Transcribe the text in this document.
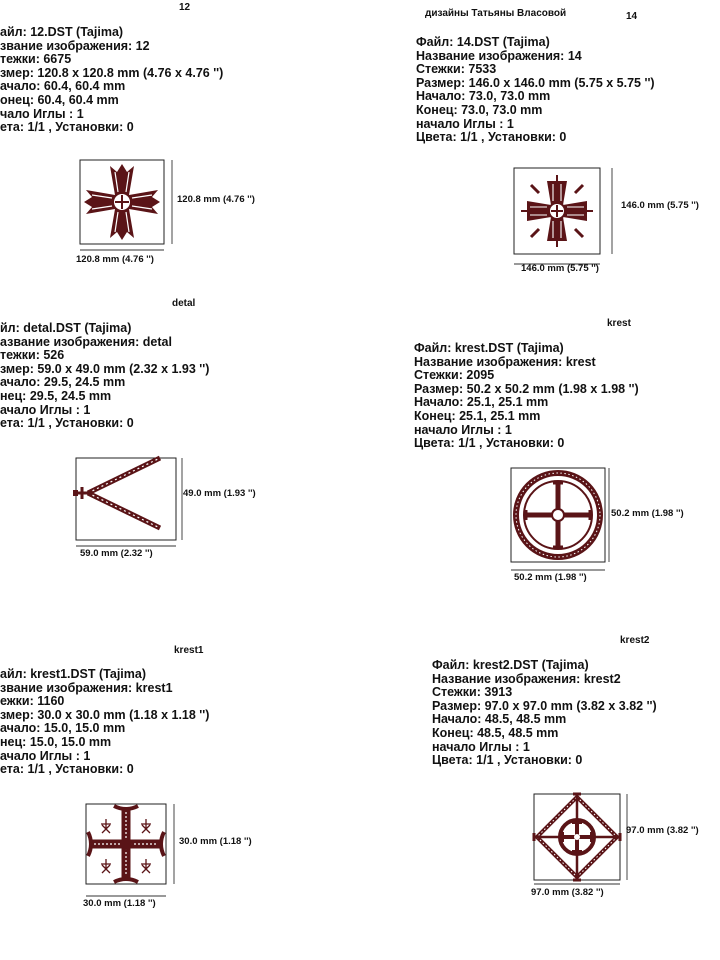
дизайны Татьяны Власовой
12
айл: 12.DST (Tajima)
звание изображения: 12
тежки: 6675
змер: 120.8 x 120.8 mm (4.76 x 4.76 '')
ачало: 60.4, 60.4 mm
онец: 60.4, 60.4 mm
чало Иглы : 1
ета: 1/1 , Установки: 0
120.8 mm (4.76 '')
120.8 mm (4.76 '')
14
Файл: 14.DST (Tajima)
Название изображения: 14
Стежки: 7533
Размер: 146.0 x 146.0 mm (5.75 x 5.75 '')
Начало: 73.0, 73.0 mm
Конец: 73.0, 73.0 mm
начало Иглы : 1
Цвета: 1/1 , Установки: 0
146.0 mm (5.75 '')
146.0 mm (5.75 '')
detal
йл: detal.DST (Tajima)
азвание изображения: detal
тежки: 526
змер: 59.0 x 49.0 mm (2.32 x 1.93 '')
ачало: 29.5, 24.5 mm
нец: 29.5, 24.5 mm
ачало Иглы : 1
ета: 1/1 , Установки: 0
49.0 mm (1.93 '')
59.0 mm (2.32 '')
krest
Файл: krest.DST (Tajima)
Название изображения: krest
Стежки: 2095
Размер: 50.2 x 50.2 mm (1.98 x 1.98 '')
Начало: 25.1, 25.1 mm
Конец: 25.1, 25.1 mm
начало Иглы : 1
Цвета: 1/1 , Установки: 0
50.2 mm (1.98 '')
50.2 mm (1.98 '')
krest1
айл: krest1.DST (Tajima)
звание изображения: krest1
ежки: 1160
змер: 30.0 x 30.0 mm (1.18 x 1.18 '')
ачало: 15.0, 15.0 mm
нец: 15.0, 15.0 mm
ачало Иглы : 1
ета: 1/1 , Установки: 0
30.0 mm (1.18 '')
30.0 mm (1.18 '')
krest2
Файл: krest2.DST (Tajima)
Название изображения: krest2
Стежки: 3913
Размер: 97.0 x 97.0 mm (3.82 x 3.82 '')
Начало: 48.5, 48.5 mm
Конец: 48.5, 48.5 mm
начало Иглы : 1
Цвета: 1/1 , Установки: 0
97.0 mm (3.82 '')
97.0 mm (3.82 '')
